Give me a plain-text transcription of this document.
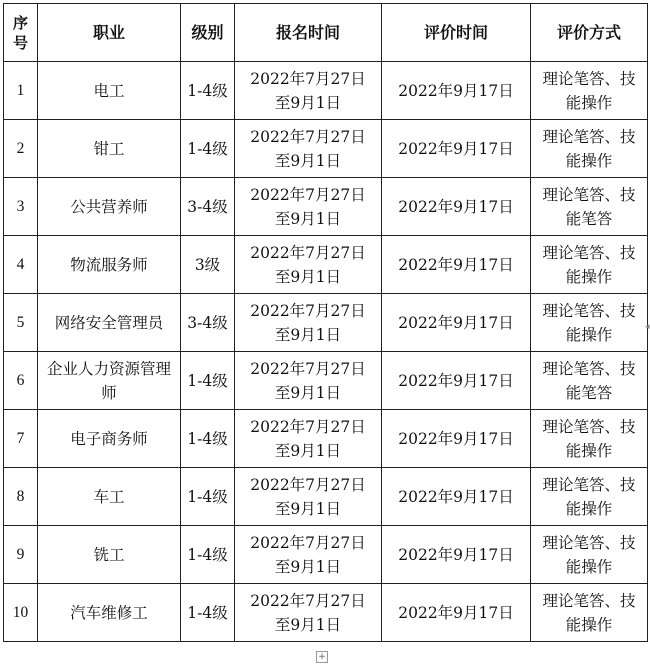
序号	职业	级别	报名时间	评价时间	评价方式
1	电工	1-4级	2022年7月27日至9月1日	2022年9月17日	理论笔答、技能操作
2	钳工	1-4级	2022年7月27日至9月1日	2022年9月17日	理论笔答、技能操作
3	公共营养师	3-4级	2022年7月27日至9月1日	2022年9月17日	理论笔答、技能笔答
4	物流服务师	3级	2022年7月27日至9月1日	2022年9月17日	理论笔答、技能操作
5	网络安全管理员	3-4级	2022年7月27日至9月1日	2022年9月17日	理论笔答、技能操作
6	企业人力资源管理师	1-4级	2022年7月27日至9月1日	2022年9月17日	理论笔答、技能笔答
7	电子商务师	1-4级	2022年7月27日至9月1日	2022年9月17日	理论笔答、技能操作
8	车工	1-4级	2022年7月27日至9月1日	2022年9月17日	理论笔答、技能操作
9	铣工	1-4级	2022年7月27日至9月1日	2022年9月17日	理论笔答、技能操作
10	汽车维修工	1-4级	2022年7月27日至9月1日	2022年9月17日	理论笔答、技能操作
+
◂
